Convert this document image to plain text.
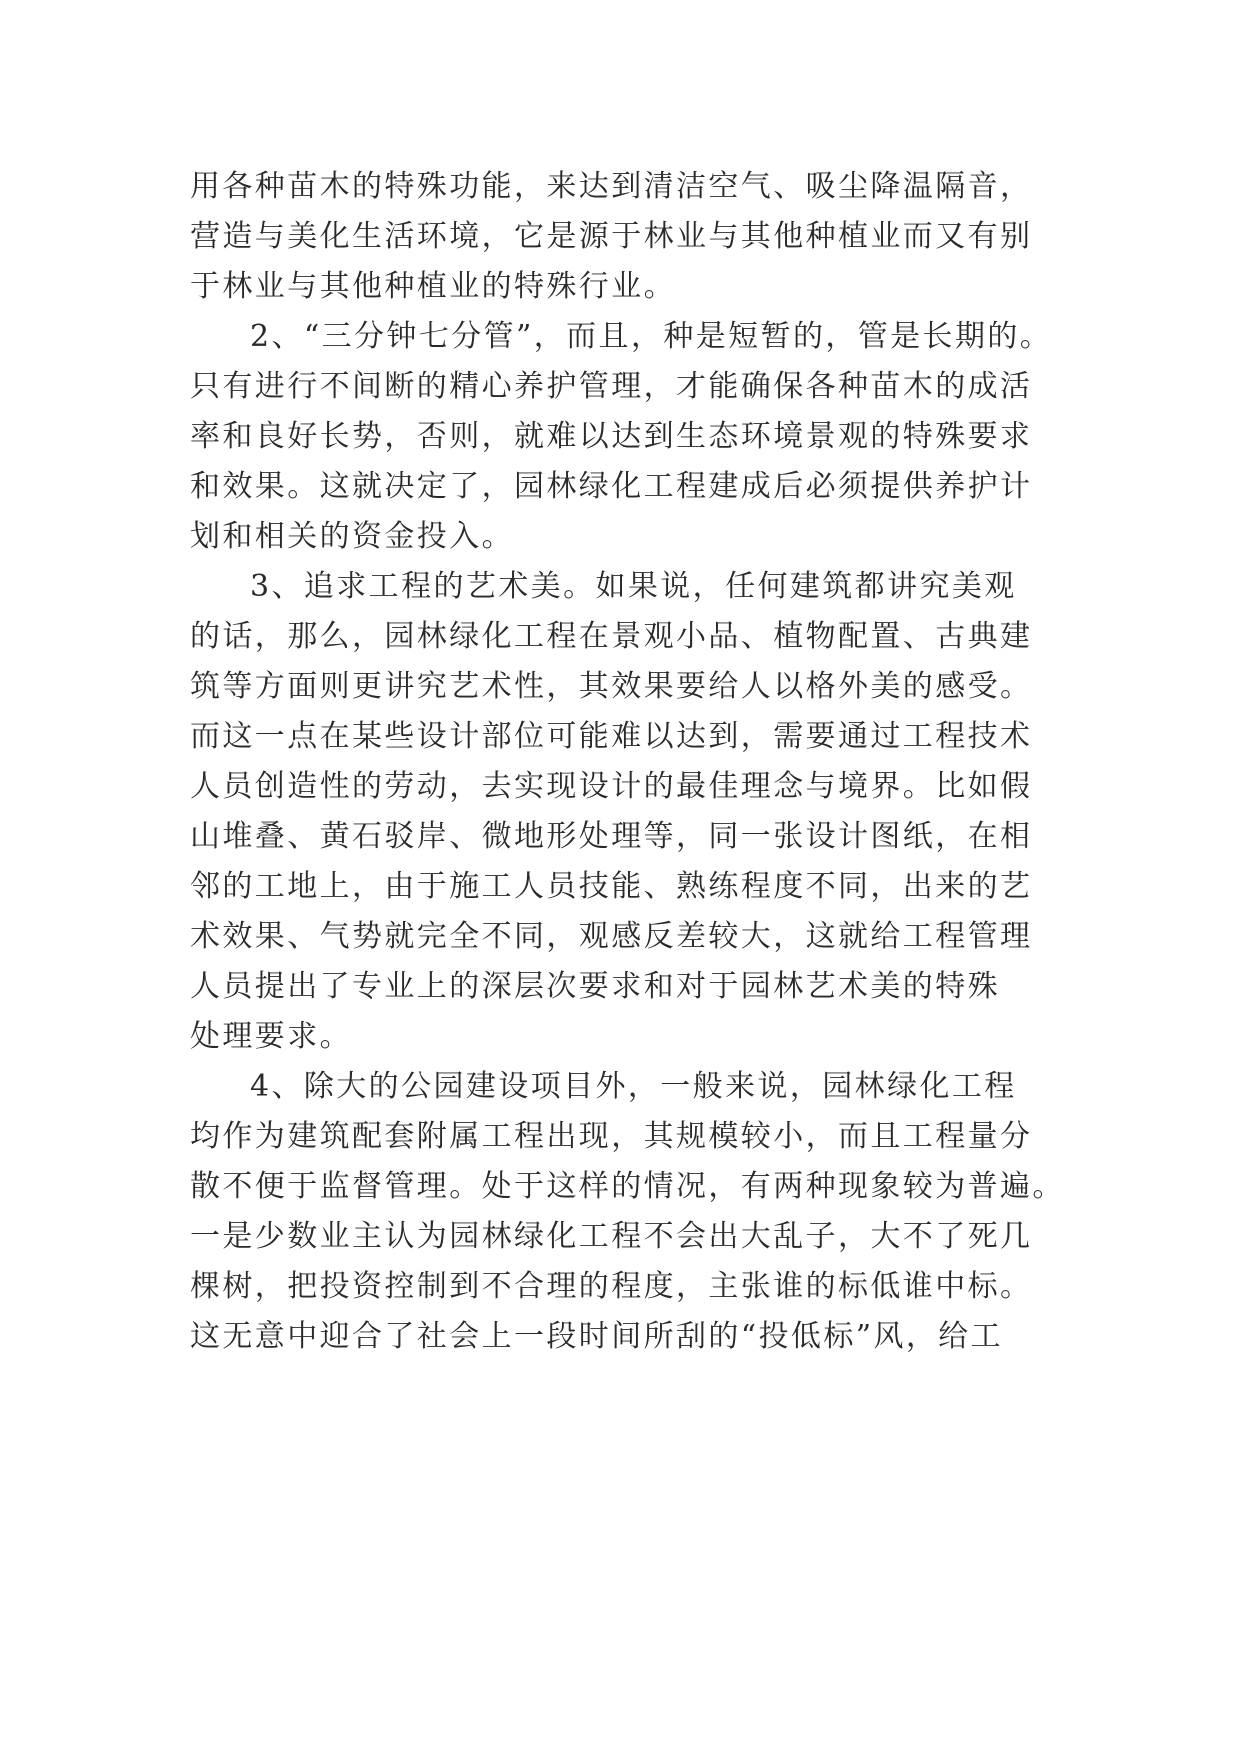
用各种苗木的特殊功能，来达到清洁空气、吸尘降温隔音，
营造与美化生活环境，它是源于林业与其他种植业而又有别
于林业与其他种植业的特殊行业。
2、“三分钟七分管”，而且，种是短暂的，管是长期的。
只有进行不间断的精心养护管理，才能确保各种苗木的成活
率和良好长势，否则，就难以达到生态环境景观的特殊要求
和效果。这就决定了，园林绿化工程建成后必须提供养护计
划和相关的资金投入。
3、追求工程的艺术美。如果说，任何建筑都讲究美观
的话，那么，园林绿化工程在景观小品、植物配置、古典建
筑等方面则更讲究艺术性，其效果要给人以格外美的感受。
而这一点在某些设计部位可能难以达到，需要通过工程技术
人员创造性的劳动，去实现设计的最佳理念与境界。比如假
山堆叠、黄石驳岸、微地形处理等，同一张设计图纸，在相
邻的工地上，由于施工人员技能、熟练程度不同，出来的艺
术效果、气势就完全不同，观感反差较大，这就给工程管理
人员提出了专业上的深层次要求和对于园林艺术美的特殊
处理要求。
4、除大的公园建设项目外，一般来说，园林绿化工程
均作为建筑配套附属工程出现，其规模较小，而且工程量分
散不便于监督管理。处于这样的情况，有两种现象较为普遍。
一是少数业主认为园林绿化工程不会出大乱子，大不了死几
棵树，把投资控制到不合理的程度，主张谁的标低谁中标。
这无意中迎合了社会上一段时间所刮的“投低标”风，给工
